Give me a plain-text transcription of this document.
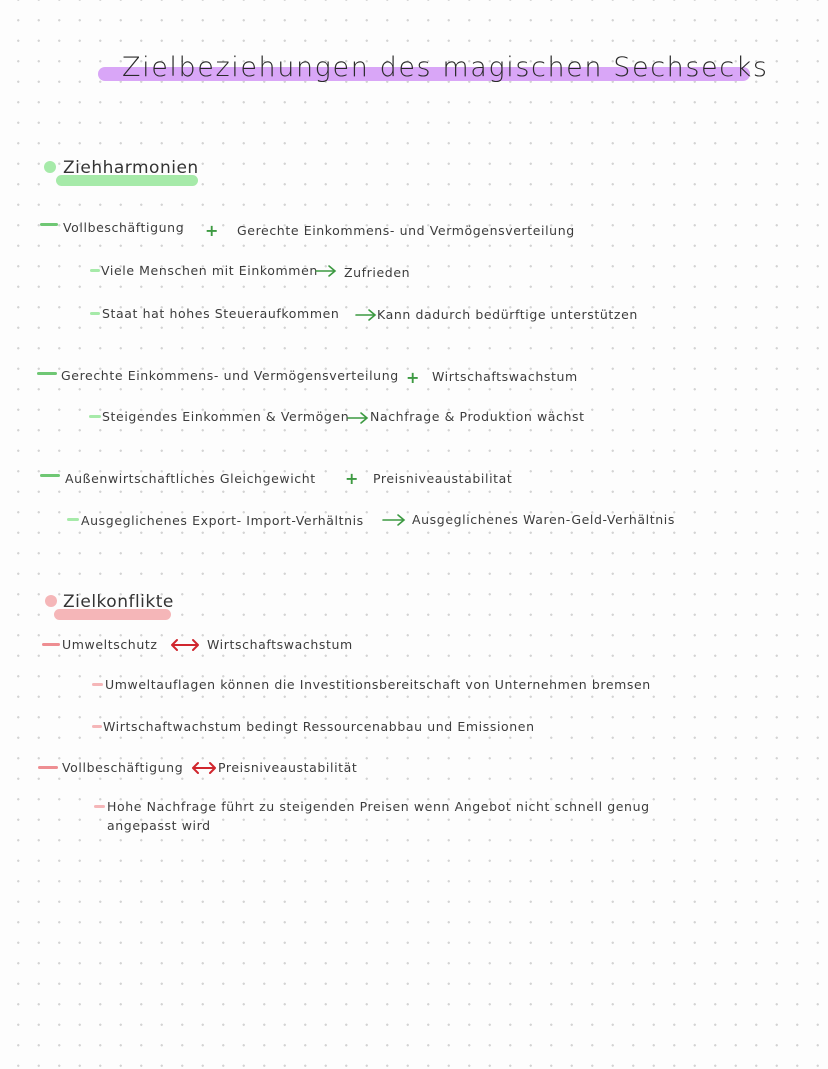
Zielbeziehungen des magischen Sechsecks
Ziehharmonien
Vollbeschäftigung + Gerechte Einkommens- und Vermögensverteilung
Viele Menschen mit Einkommen Zufrieden
Staat hat hohes Steueraufkommen	Kann dadurch bedürftige unterstützen
Gerechte Einkommens- und Vermögensverteilung + Wirtschaftswachstum
Steigendes Einkommen & Vermögen Nachfrage & Produktion wächst
Außenwirtschaftliches Gleichgewicht + Preisniveaustabilitat
Ausgeglichenes Export- Import-Verhältnis	Ausgeglichenes Waren-Geld-Verhältnis
Zielkonflikte
Umweltschutz	Wirtschaftswachstum
Umweltauflagen können die Investitionsbereitschaft von Unternehmen bremsen
Wirtschaftwachstum bedingt Ressourcenabbau und Emissionen
Vollbeschäftigung	Preisniveaustabilität
Hohe Nachfrage führt zu steigenden Preisen wenn Angebot nicht schnell genug
angepasst wird
